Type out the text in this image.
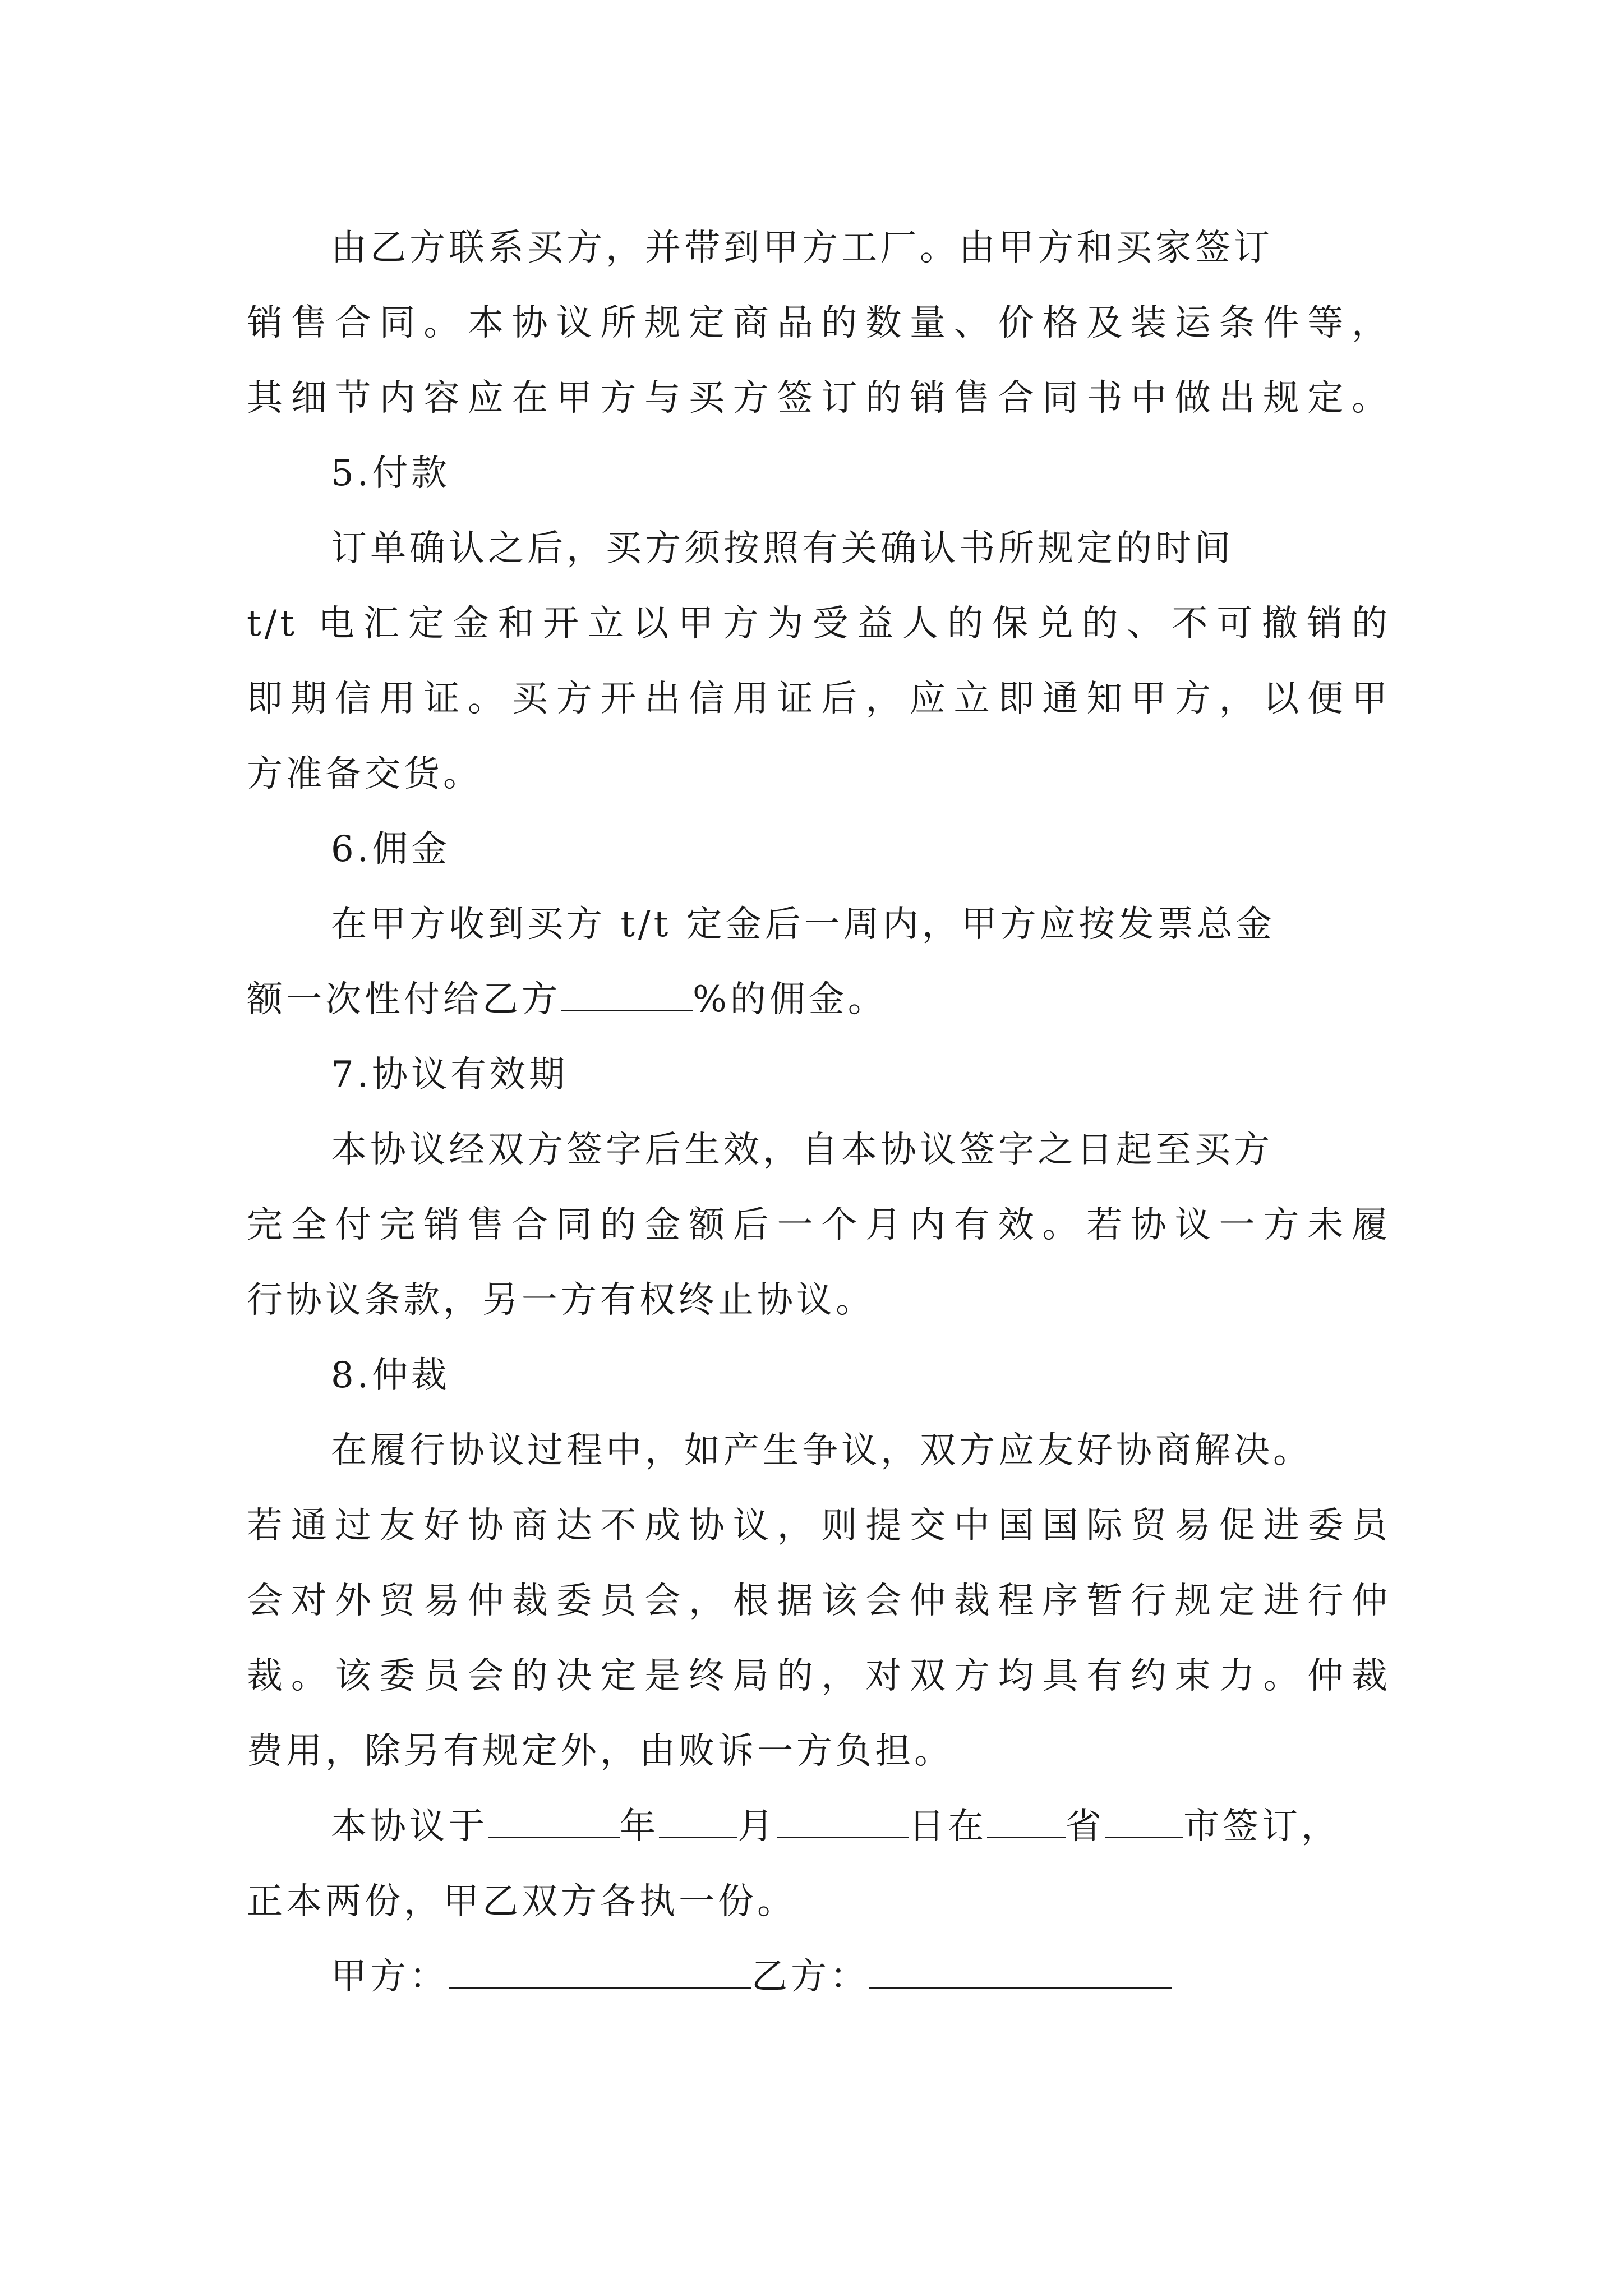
由乙方联系买方，并带到甲方工厂。由甲方和买家签订
销售合同。本协议所规定商品的数量、价格及装运条件等，
其细节内容应在甲方与买方签订的销售合同书中做出规定。
5.付款
订单确认之后，买方须按照有关确认书所规定的时间
t/t 电汇定金和开立以甲方为受益人的保兑的、不可撤销的
即期信用证。买方开出信用证后，应立即通知甲方，以便甲
方准备交货。
6.佣金
在甲方收到买方 t/t 定金后一周内，甲方应按发票总金
额一次性付给乙方	%的佣金。
7.协议有效期
本协议经双方签字后生效，自本协议签字之日起至买方
完全付完销售合同的金额后一个月内有效。若协议一方未履
行协议条款，另一方有权终止协议。
8.仲裁
在履行协议过程中，如产生争议，双方应友好协商解决。
若通过友好协商达不成协议，则提交中国国际贸易促进委员
会对外贸易仲裁委员会，根据该会仲裁程序暂行规定进行仲
裁。该委员会的决定是终局的，对双方均具有约束力。仲裁
费用，除另有规定外，由败诉一方负担。
本协议于	年 月	日在 省 市签订，
正本两份，甲乙双方各执一份。
甲方：	乙方：
